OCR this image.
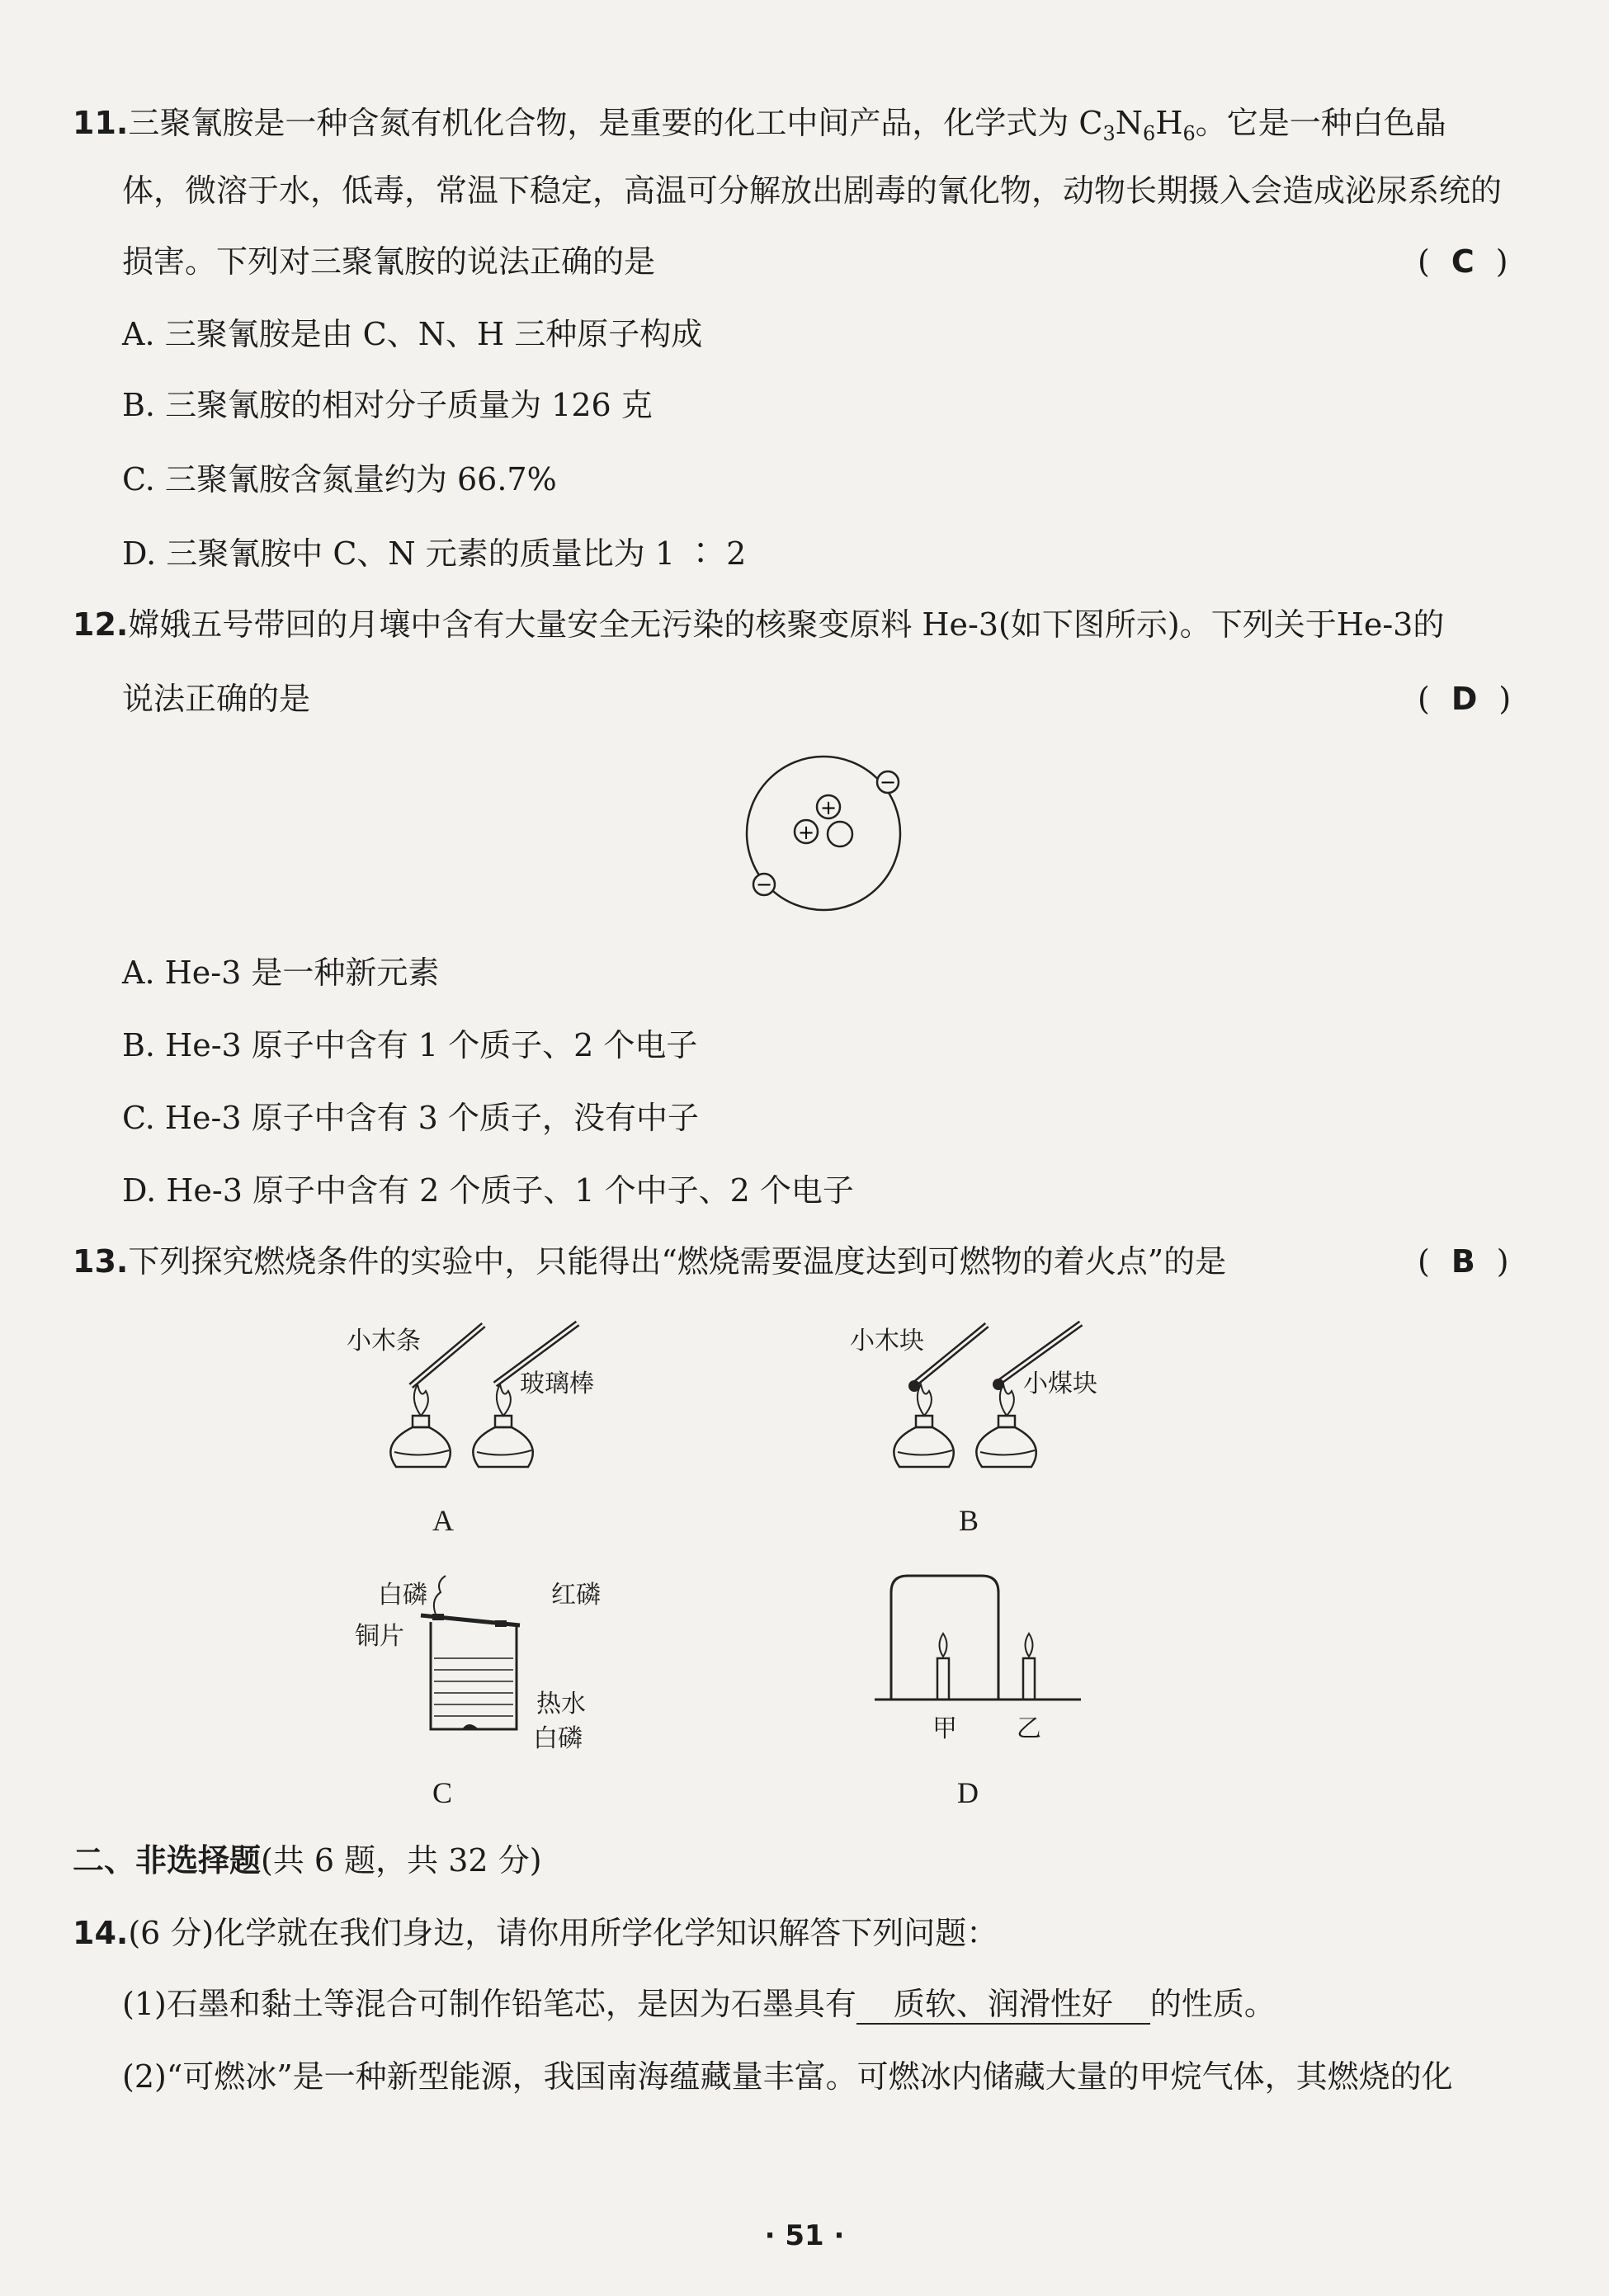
11.三聚氰胺是一种含氮有机化合物，是重要的化工中间产品，化学式为 $C_3N_6H_6$。它是一种白色晶
体，微溶于水，低毒，常温下稳定，高温可分解放出剧毒的氰化物，动物长期摄入会造成泌尿系统的
损害。下列对三聚氰胺的说法正确的是	( C )
A. 三聚氰胺是由 C、N、H 三种原子构成
B. 三聚氰胺的相对分子质量为 126 克
C. 三聚氰胺含氮量约为 66.7%
D. 三聚氰胺中 C、N 元素的质量比为 1 ∶ 2
12.嫦娥五号带回的月壤中含有大量安全无污染的核聚变原料 He-3(如下图所示)。下列关于He-3的
说法正确的是	( D )
+
+
−
−
A. He-3 是一种新元素
B. He-3 原子中含有 1 个质子、2 个电子
C. He-3 原子中含有 3 个质子，没有中子
D. He-3 原子中含有 2 个质子、1 个中子、2 个电子
13.下列探究燃烧条件的实验中，只能得出“燃烧需要温度达到可燃物的着火点”的是	( B )
小木条
玻璃棒
A
小木块
小煤块
B
白磷	红磷
铜片
热水
白磷
C
甲 乙
D
二、非选择题(共 6 题，共 32 分)
14.(6 分)化学就在我们身边，请你用所学化学知识解答下列问题：
(1)石墨和黏土等混合可制作铅笔芯，是因为石墨具有 质软、润滑性好 的性质。
(2)“可燃冰”是一种新型能源，我国南海蕴藏量丰富。可燃冰内储藏大量的甲烷气体，其燃烧的化
· 51 ·
